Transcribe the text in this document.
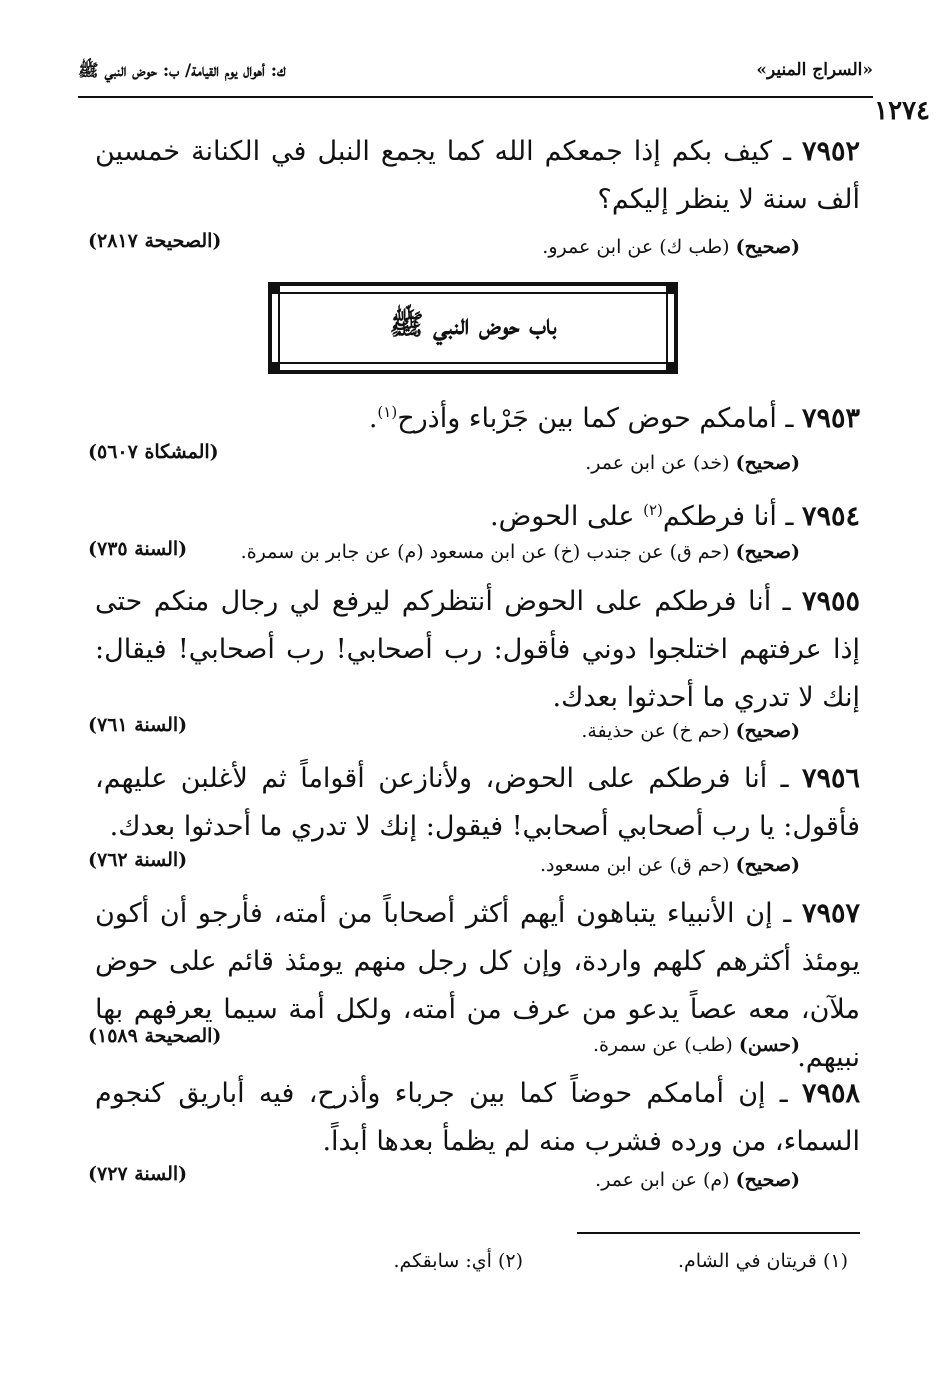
«السراج المنير»
ك: أهوال يوم القيامة/ ب: حوض النبي ﷺ
١٢٧٤
٧٩٥٢ ـ كيف بكم إذا جمعكم الله كما يجمع النبل في الكنانة خمسين ألف سنة لا ينظر إليكم؟
(صحيح) (طب ك) عن ابن عمرو.
(الصحيحة ٢٨١٧)
باب حوض النبي ﷺ
٧٩٥٣ ـ أمامكم حوض كما بين جَرْباء وأذرح$^{(١)}$.
(صحيح) (خد) عن ابن عمر.
(المشكاة ٥٦٠٧)
٧٩٥٤ ـ أنا فرطكم$^{(٢)}$ على الحوض.
(صحيح) (حم ق) عن جندب (خ) عن ابن مسعود (م) عن جابر بن سمرة.
(السنة ٧٣٥)
٧٩٥٥ ـ أنا فرطكم على الحوض أنتظركم ليرفع لي رجال منكم حتى إذا عرفتهم اختلجوا دوني فأقول: رب أصحابي! رب أصحابي! فيقال: إنك لا تدري ما أحدثوا بعدك.
(صحيح) (حم خ) عن حذيفة.
(السنة ٧٦١)
٧٩٥٦ ـ أنا فرطكم على الحوض، ولأنازعن أقواماً ثم لأغلبن عليهم، فأقول: يا رب أصحابي أصحابي! فيقول: إنك لا تدري ما أحدثوا بعدك.
(صحيح) (حم ق) عن ابن مسعود.
(السنة ٧٦٢)
٧٩٥٧ ـ إن الأنبياء يتباهون أيهم أكثر أصحاباً من أمته، فأرجو أن أكون يومئذ أكثرهم كلهم واردة، وإن كل رجل منهم يومئذ قائم على حوض ملآن، معه عصاً يدعو من عرف من أمته، ولكل أمة سيما يعرفهم بها نبيهم.
(حسن) (طب) عن سمرة.
(الصحيحة ١٥٨٩)
٧٩٥٨ ـ إن أمامكم حوضاً كما بين جرباء وأذرح، فيه أباريق كنجوم السماء، من ورده فشرب منه لم يظمأ بعدها أبداً.
(صحيح) (م) عن ابن عمر.
(السنة ٧٢٧)
(١) قريتان في الشام.
(٢) أي: سابقكم.
